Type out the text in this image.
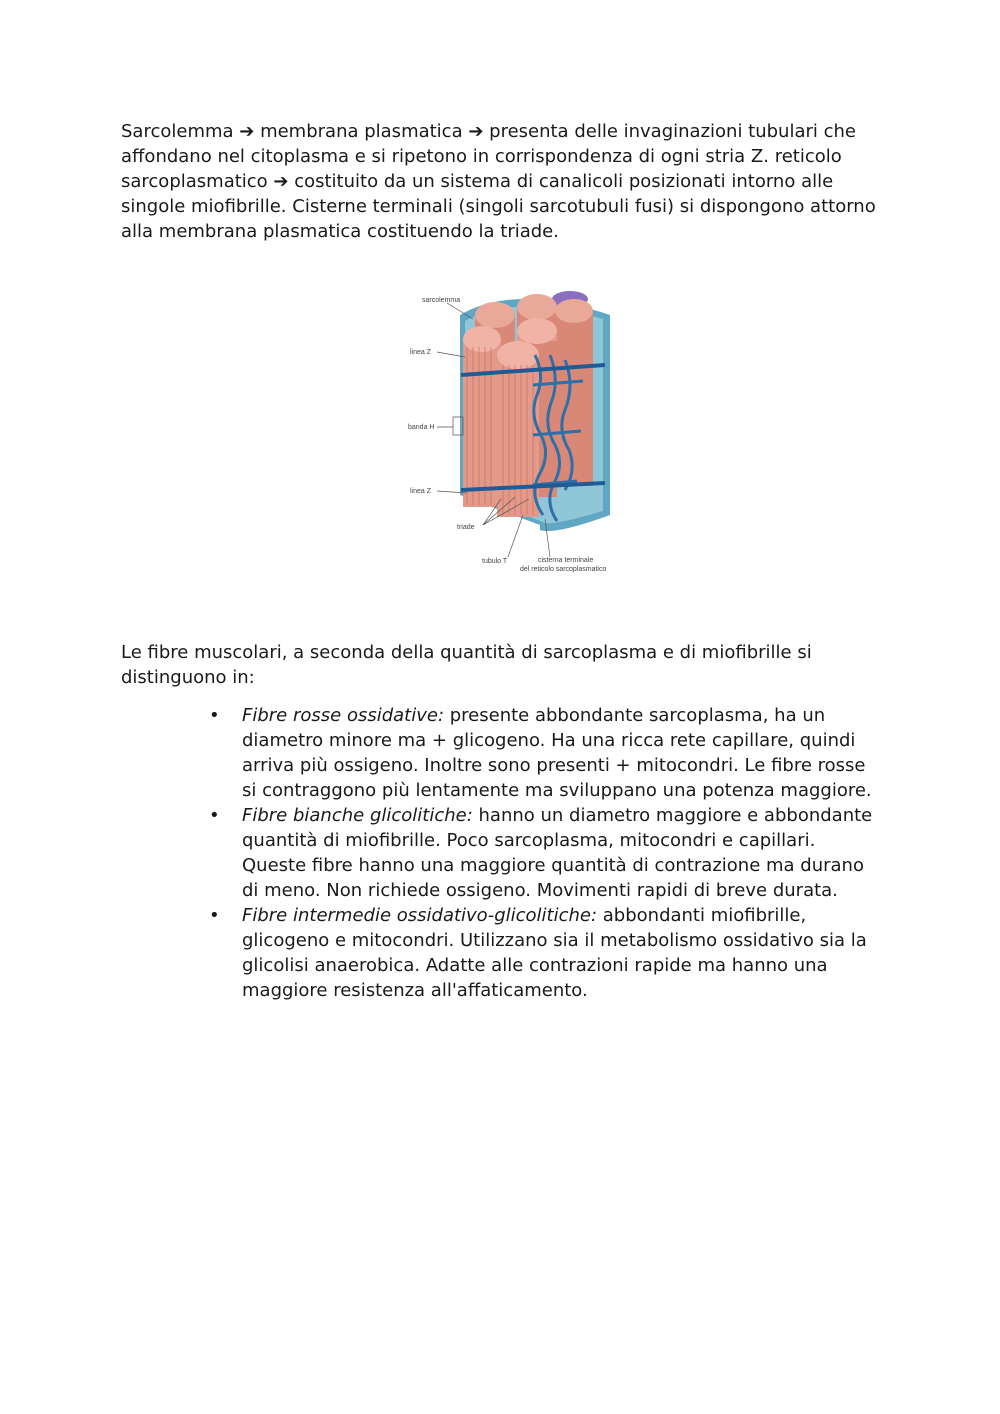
Sarcolemma ➔ membrana plasmatica ➔ presenta delle invaginazioni tubulari che affondano nel citoplasma e si ripetono in corrispondenza di ogni stria Z. reticolo sarcoplasmatico ➔ costituito da un sistema di canalicoli posizionati intorno alle singole miofibrille. Cisterne terminali (singoli sarcotubuli fusi) si dispongono attorno alla membrana plasmatica costituendo la triade.

sarcolemma
linea Z
banda H
linea Z
triade
tubulo T	cisterna terminale
del reticolo sarcoplasmatico

Le fibre muscolari, a seconda della quantità di sarcoplasma e di miofibrille si distinguono in:

• Fibre rosse ossidative: presente abbondante sarcoplasma, ha un diametro minore ma + glicogeno. Ha una ricca rete capillare, quindi arriva più ossigeno. Inoltre sono presenti + mitocondri. Le fibre rosse si contraggono più lentamente ma sviluppano una potenza maggiore.
• Fibre bianche glicolitiche: hanno un diametro maggiore e abbondante quantità di miofibrille. Poco sarcoplasma, mitocondri e capillari. Queste fibre hanno una maggiore quantità di contrazione ma durano di meno. Non richiede ossigeno. Movimenti rapidi di breve durata.
• Fibre intermedie ossidativo-glicolitiche: abbondanti miofibrille, glicogeno e mitocondri. Utilizzano sia il metabolismo ossidativo sia la glicolisi anaerobica. Adatte alle contrazioni rapide ma hanno una maggiore resistenza all'affaticamento.
